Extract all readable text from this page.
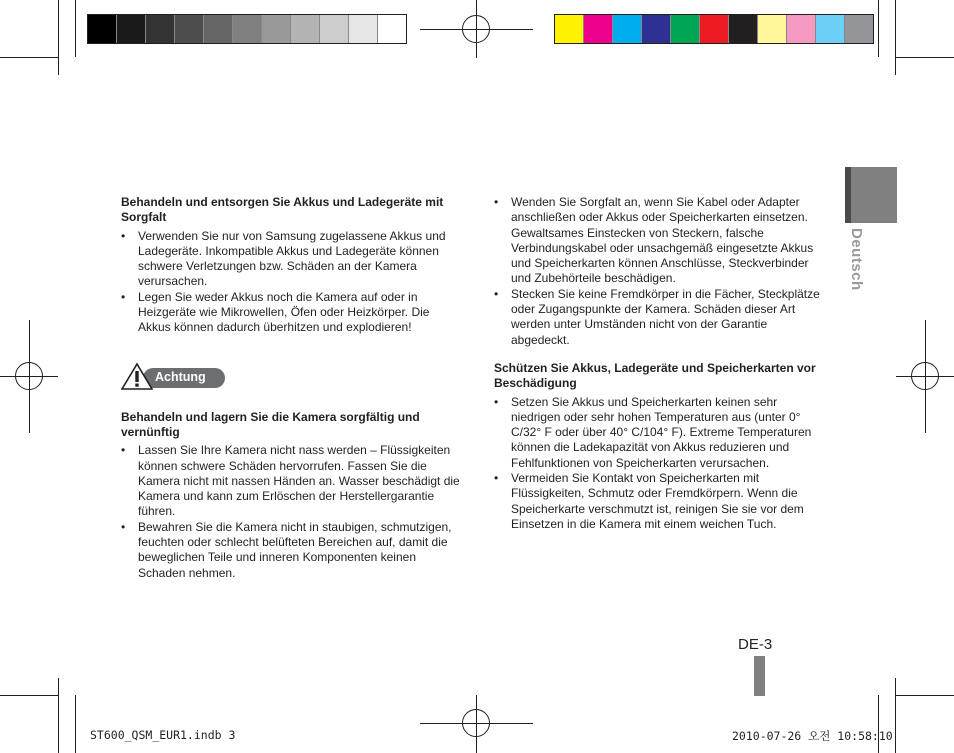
Deutsch

Behandeln und entsorgen Sie Akkus und Ladegeräte mit Sorgfalt

• Verwenden Sie nur von Samsung zugelassene Akkus und Ladegeräte. Inkompatible Akkus und Ladegeräte können schwere Verletzungen bzw. Schäden an der Kamera verursachen.
• Legen Sie weder Akkus noch die Kamera auf oder in Heizgeräte wie Mikrowellen, Öfen oder Heizkörper. Die Akkus können dadurch überhitzen und explodieren!
Achtung

Behandeln und lagern Sie die Kamera sorgfältig und vernünftig

• Lassen Sie Ihre Kamera nicht nass werden – Flüssigkeiten können schwere Schäden hervorrufen. Fassen Sie die Kamera nicht mit nassen Händen an. Wasser beschädigt die Kamera und kann zum Erlöschen der Herstellergarantie führen.
• Bewahren Sie die Kamera nicht in staubigen, schmutzigen, feuchten oder schlecht belüfteten Bereichen auf, damit die beweglichen Teile und inneren Komponenten keinen Schaden nehmen.
• Wenden Sie Sorgfalt an, wenn Sie Kabel oder Adapter anschließen oder Akkus oder Speicherkarten einsetzen. Gewaltsames Einstecken von Steckern, falsche Verbindungskabel oder unsachgemäß eingesetzte Akkus und Speicherkarten können Anschlüsse, Steckverbinder und Zubehörteile beschädigen.
• Stecken Sie keine Fremdkörper in die Fächer, Steckplätze oder Zugangspunkte der Kamera. Schäden dieser Art werden unter Umständen nicht von der Garantie abgedeckt.

Schützen Sie Akkus, Ladegeräte und Speicherkarten vor Beschädigung

• Setzen Sie Akkus und Speicherkarten keinen sehr niedrigen oder sehr hohen Temperaturen aus (unter 0° C/32° F oder über 40° C/104° F). Extreme Temperaturen können die Ladekapazität von Akkus reduzieren und Fehlfunktionen von Speicherkarten verursachen.
• Vermeiden Sie Kontakt von Speicherkarten mit Flüssigkeiten, Schmutz oder Fremdkörpern. Wenn die Speicherkarte verschmutzt ist, reinigen Sie sie vor dem Einsetzen in die Kamera mit einem weichen Tuch.
DE-3
ST600_QSM_EUR1.indb 3	2010-07-26 오전 10:58:10
